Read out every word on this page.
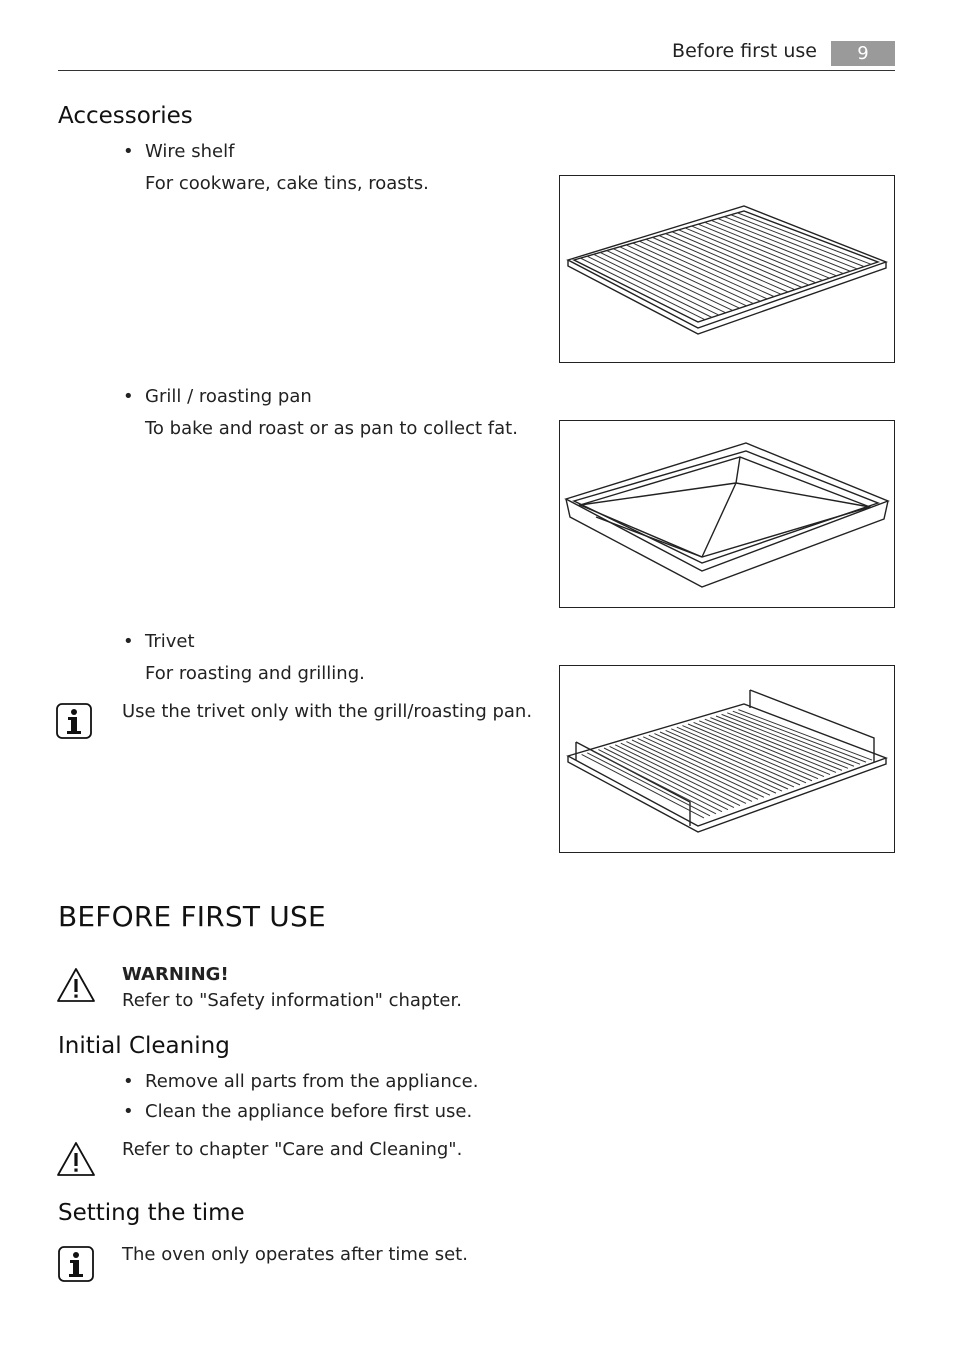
Before first use	9
Accessories
• Wire shelf
For cookware, cake tins, roasts.
• Grill / roasting pan
To bake and roast or as pan to collect fat.
• Trivet
For roasting and grilling.
Use the trivet only with the grill/roasting pan.
BEFORE FIRST USE
WARNING!
Refer to "Safety information" chapter.
Initial Cleaning
• Remove all parts from the appliance.
• Clean the appliance before first use.
Refer to chapter "Care and Cleaning".
Setting the time
The oven only operates after time set.
